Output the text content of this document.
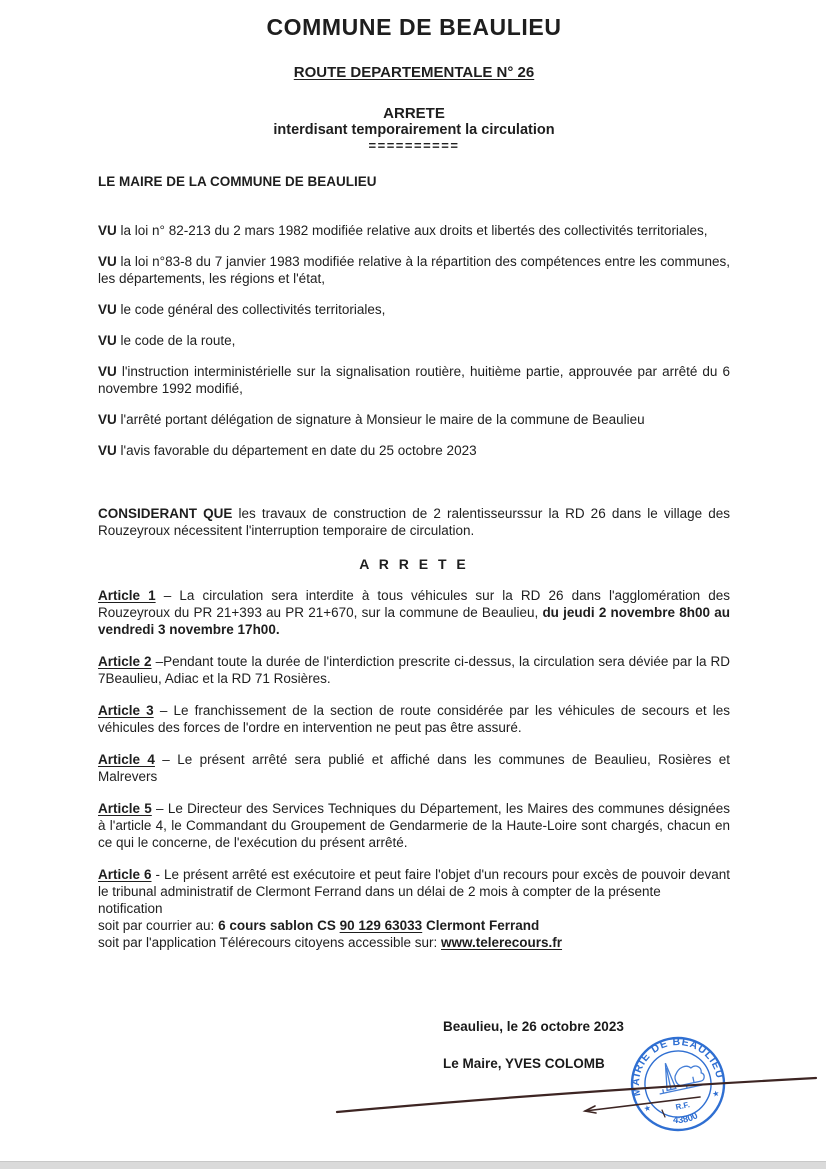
COMMUNE DE BEAULIEU
ROUTE DEPARTEMENTALE N° 26
ARRETE
interdisant temporairement la circulation
==========
LE MAIRE DE LA COMMUNE DE BEAULIEU

VU la loi n° 82-213 du 2 mars 1982 modifiée relative aux droits et libertés des collectivités territoriales,

VU la loi n°83-8 du 7 janvier 1983 modifiée relative à la répartition des compétences entre les communes, les départements, les régions et l'état,

VU le code général des collectivités territoriales,

VU le code de la route,

VU l'instruction interministérielle sur la signalisation routière, huitième partie, approuvée par arrêté du 6 novembre 1992 modifié,

VU l'arrêté portant délégation de signature à Monsieur le maire de la commune de Beaulieu

VU l'avis favorable du département en date du 25 octobre 2023

CONSIDERANT QUE les travaux de construction de 2 ralentisseurssur la RD 26 dans le village des Rouzeyroux nécessitent l'interruption temporaire de circulation.

A R R E T E

Article 1 – La circulation sera interdite à tous véhicules sur la RD 26 dans l'agglomération des Rouzeyroux du PR 21+393 au PR 21+670, sur la commune de Beaulieu, du jeudi 2 novembre 8h00 au vendredi 3 novembre 17h00.

Article 2 –Pendant toute la durée de l'interdiction prescrite ci-dessus, la circulation sera déviée par la RD 7Beaulieu, Adiac et la RD 71 Rosières.

Article 3 – Le franchissement de la section de route considérée par les véhicules de secours et les véhicules des forces de l'ordre en intervention ne peut pas être assuré.

Article 4 – Le présent arrêté sera publié et affiché dans les communes de Beaulieu, Rosières et Malrevers

Article 5 – Le Directeur des Services Techniques du Département, les Maires des communes désignées à l'article 4, le Commandant du Groupement de Gendarmerie de la Haute-Loire sont chargés, chacun en ce qui le concerne, de l'exécution du présent arrêté.

Article 6 - Le présent arrêté est exécutoire et peut faire l'objet d'un recours pour excès de pouvoir devant le tribunal administratif de Clermont Ferrand dans un délai de 2 mois à compter de la présente

notification
soit par courrier au: 6 cours sablon CS 90 129 63033 Clermont Ferrand
soit par l'application Télérecours citoyens accessible sur: www.telerecours.fr
Beaulieu, le 26 octobre 2023
Le Maire, YVES COLOMB
MAIRIE DE BEAULIEU
43800
R.F.
★
★
